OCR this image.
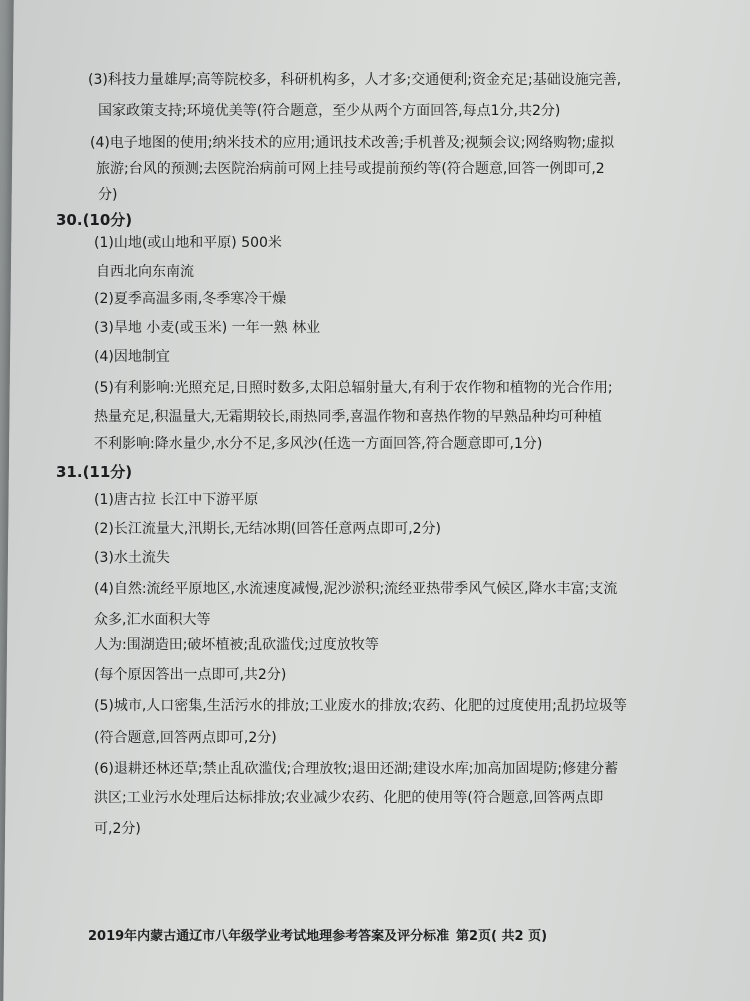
(3)科技力量雄厚;高等院校多，科研机构多，人才多;交通便利;资金充足;基础设施完善,
国家政策支持;环境优美等(符合题意，至少从两个方面回答,每点1分,共2分)
(4)电子地图的使用;纳米技术的应用;通讯技术改善;手机普及;视频会议;网络购物;虚拟
旅游;台风的预测;去医院治病前可网上挂号或提前预约等(符合题意,回答一例即可,2
分)
30.(10分)
(1)山地(或山地和平原) 500米
自西北向东南流
(2)夏季高温多雨,冬季寒冷干燥
(3)旱地 小麦(或玉米) 一年一熟 林业
(4)因地制宜
(5)有利影响:光照充足,日照时数多,太阳总辐射量大,有利于农作物和植物的光合作用;
热量充足,积温量大,无霜期较长,雨热同季,喜温作物和喜热作物的早熟品种均可种植
不利影响:降水量少,水分不足,多风沙(任选一方面回答,符合题意即可,1分)
31.(11分)
(1)唐古拉 长江中下游平原
(2)长江流量大,汛期长,无结冰期(回答任意两点即可,2分)
(3)水土流失
(4)自然:流经平原地区,水流速度减慢,泥沙淤积;流经亚热带季风气候区,降水丰富;支流
众多,汇水面积大等
人为:围湖造田;破坏植被;乱砍滥伐;过度放牧等
(每个原因答出一点即可,共2分)
(5)城市,人口密集,生活污水的排放;工业废水的排放;农药、化肥的过度使用;乱扔垃圾等
(符合题意,回答两点即可,2分)
(6)退耕还林还草;禁止乱砍滥伐;合理放牧;退田还湖;建设水库;加高加固堤防;修建分蓄
洪区;工业污水处理后达标排放;农业减少农药、化肥的使用等(符合题意,回答两点即
可,2分)
2019年内蒙古通辽市八年级学业考试地理参考答案及评分标准 第2页( 共2 页)
